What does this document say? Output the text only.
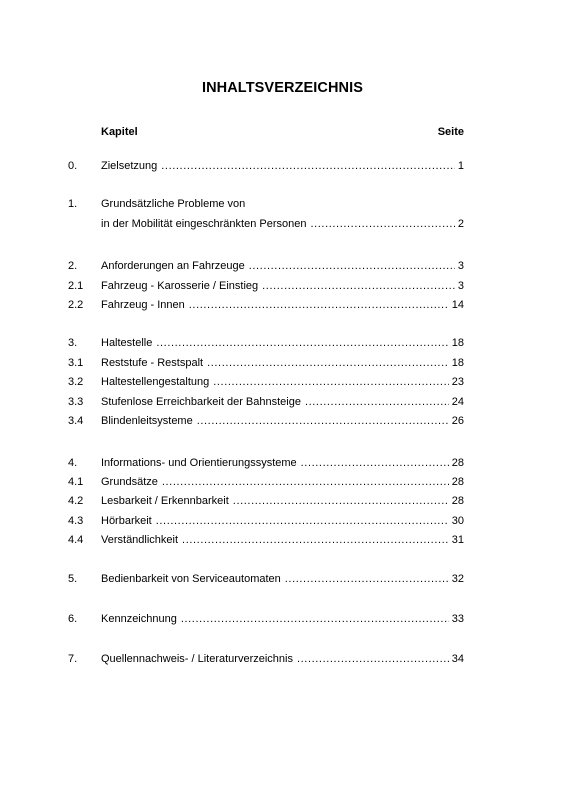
INHALTSVERZEICHNIS
Kapitel	Seite
0. Zielsetzung .....	1
1. Grundsätzliche Probleme von
in der Mobilität eingeschränkten Personen .....	2
2. Anforderungen an Fahrzeuge .....	3
2.1 Fahrzeug - Karosserie / Einstieg .....	3
2.2 Fahrzeug - Innen .....	14
3. Haltestelle .....	18
3.1 Reststufe - Restspalt .....	18
3.2 Haltestellengestaltung .....	23
3.3 Stufenlose Erreichbarkeit der Bahnsteige .....	24
3.4 Blindenleitsysteme .....	26
4. Informations- und Orientierungssysteme .....	28
4.1 Grundsätze .....	28
4.2 Lesbarkeit / Erkennbarkeit .....	28
4.3 Hörbarkeit .....	30
4.4 Verständlichkeit .....	31
5. Bedienbarkeit von Serviceautomaten .....	32
6. Kennzeichnung .....	33
7. Quellennachweis- / Literaturverzeichnis .....	34
